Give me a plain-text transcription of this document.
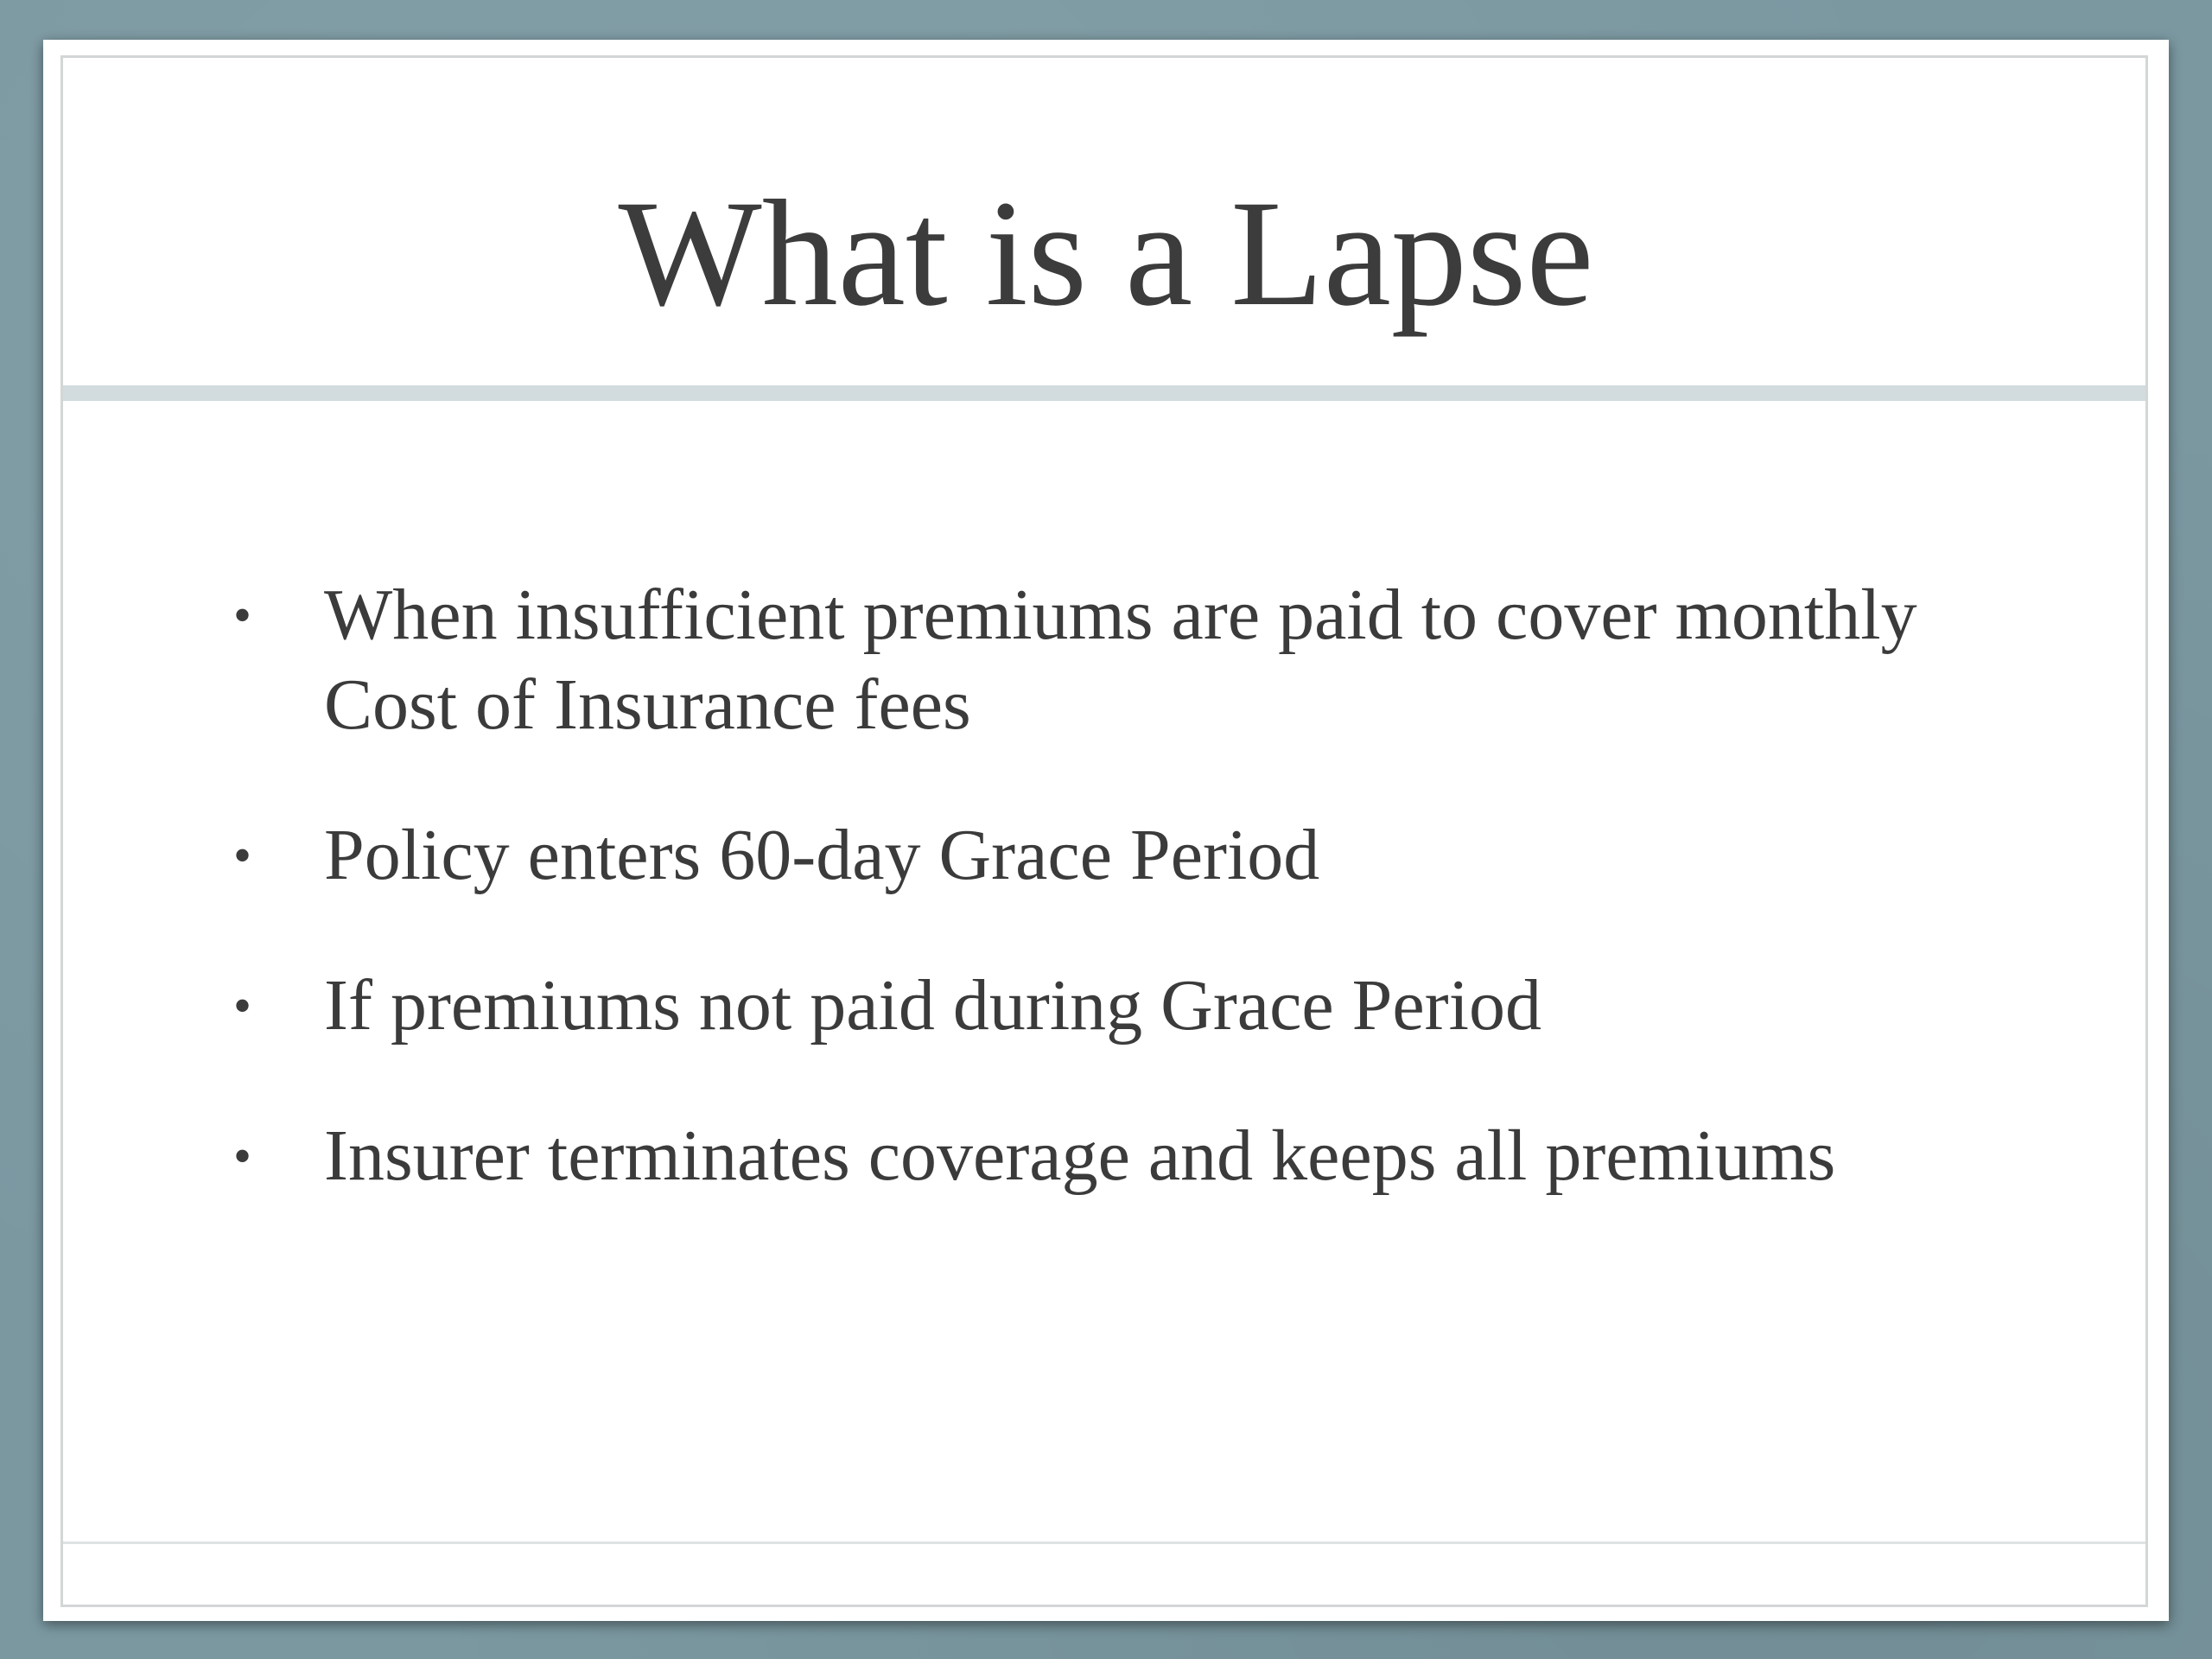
What is a Lapse
• When insufficient premiums are paid to cover monthly Cost of Insurance fees
• Policy enters 60-day Grace Period
• If premiums not paid during Grace Period
• Insurer terminates coverage and keeps all premiums
